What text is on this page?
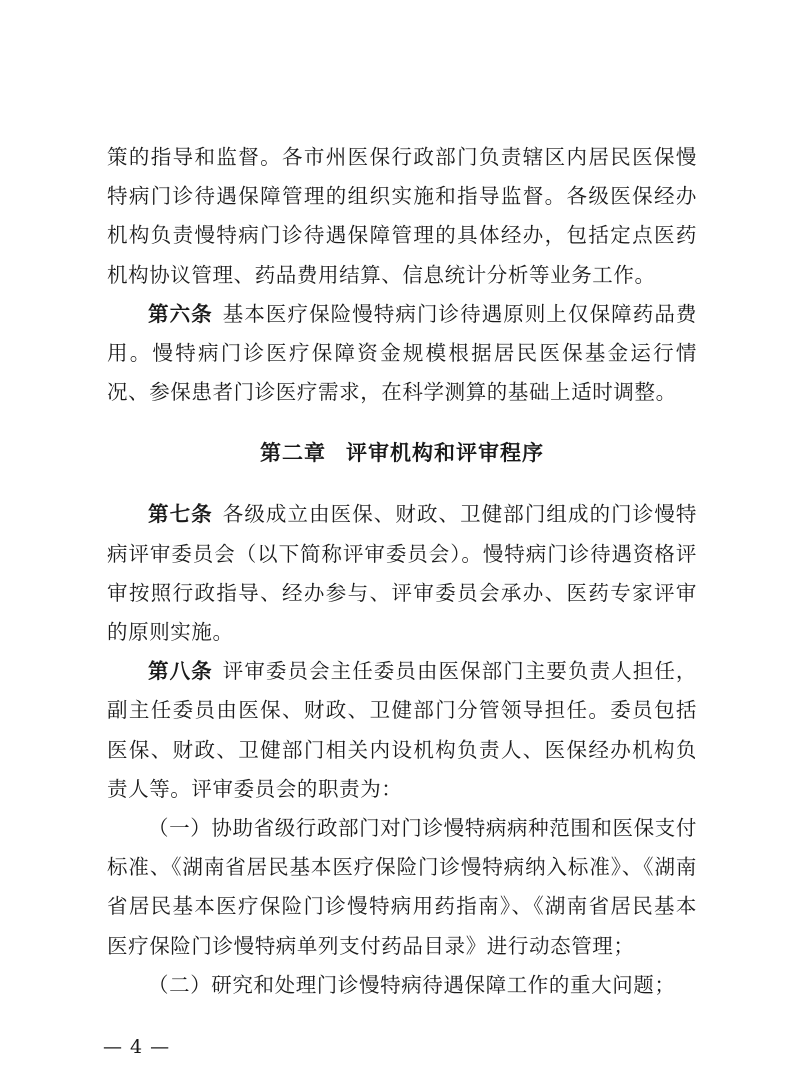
策的指导和监督。各市州医保行政部门负责辖区内居民医保慢特病门诊待遇保障管理的组织实施和指导监督。各级医保经办机构负责慢特病门诊待遇保障管理的具体经办，包括定点医药机构协议管理、药品费用结算、信息统计分析等业务工作。

第六条 基本医疗保险慢特病门诊待遇原则上仅保障药品费用。慢特病门诊医疗保障资金规模根据居民医保基金运行情况、参保患者门诊医疗需求，在科学测算的基础上适时调整。

第二章 评审机构和评审程序

第七条 各级成立由医保、财政、卫健部门组成的门诊慢特病评审委员会（以下简称评审委员会）。慢特病门诊待遇资格评审按照行政指导、经办参与、评审委员会承办、医药专家评审的原则实施。

第八条 评审委员会主任委员由医保部门主要负责人担任，副主任委员由医保、财政、卫健部门分管领导担任。委员包括医保、财政、卫健部门相关内设机构负责人、医保经办机构负责人等。评审委员会的职责为：

（一）协助省级行政部门对门诊慢特病病种范围和医保支付标准、《湖南省居民基本医疗保险门诊慢特病纳入标准》、《湖南省居民基本医疗保险门诊慢特病用药指南》、《湖南省居民基本医疗保险门诊慢特病单列支付药品目录》进行动态管理；

（二）研究和处理门诊慢特病待遇保障工作的重大问题；

— 4 —
